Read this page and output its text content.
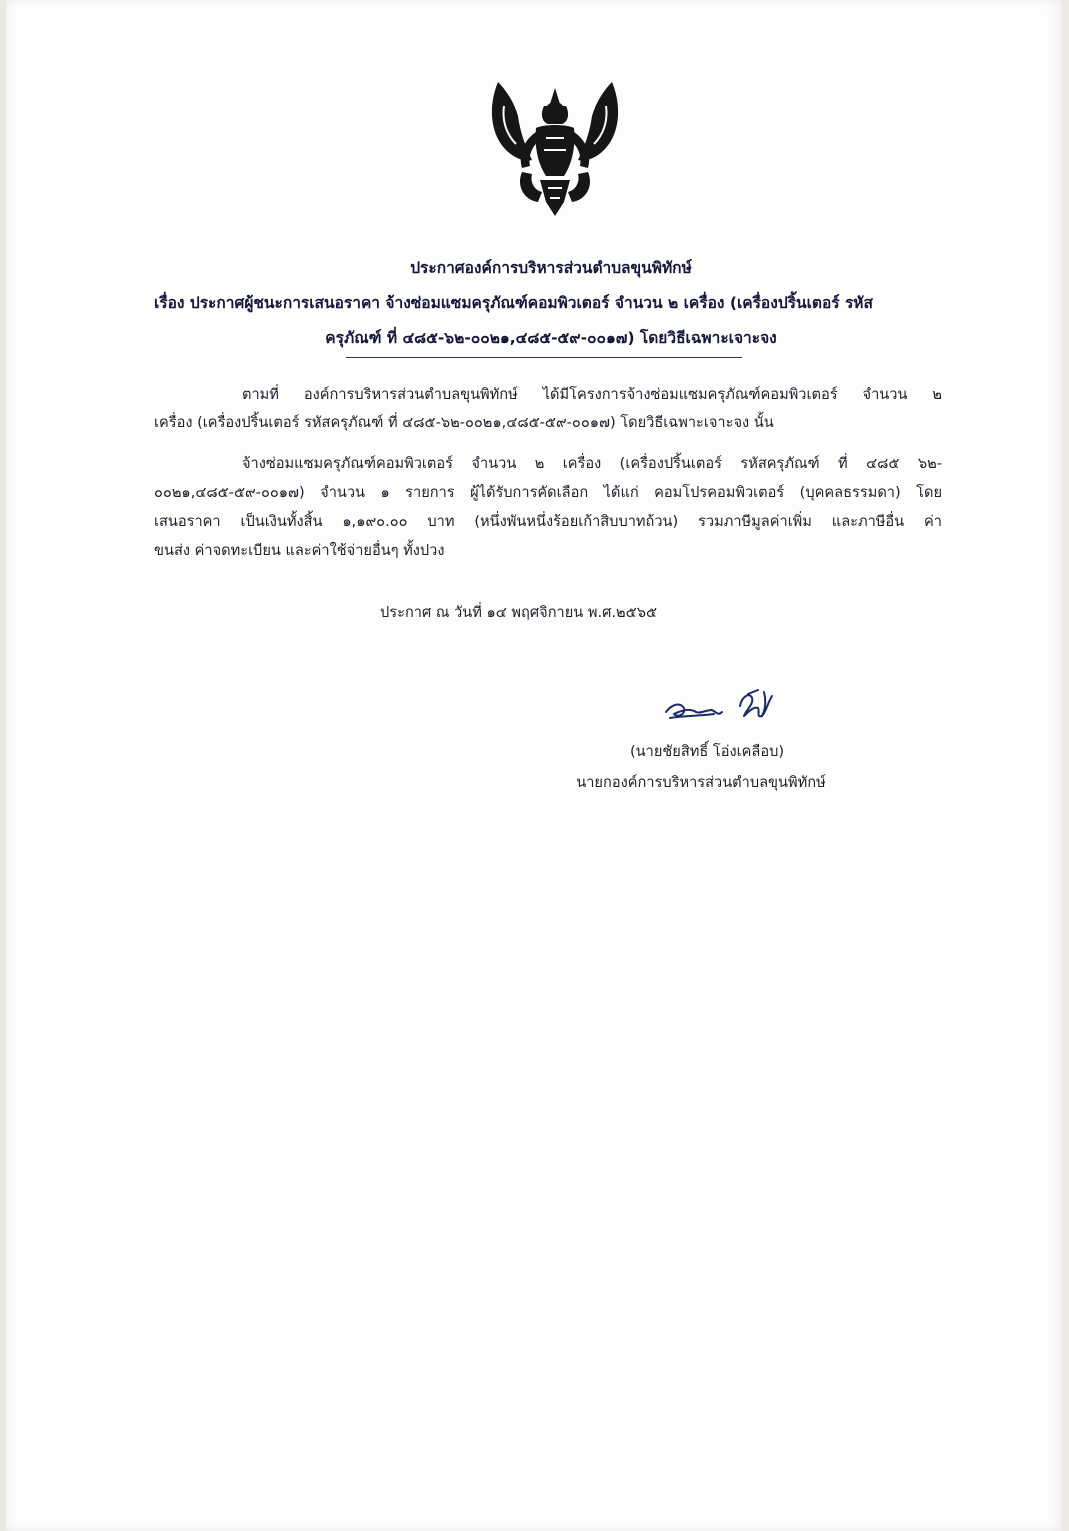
ประกาศองค์การบริหารส่วนตำบลขุนพิทักษ์
เรื่อง ประกาศผู้ชนะการเสนอราคา จ้างซ่อมแซมครุภัณฑ์คอมพิวเตอร์ จำนวน ๒ เครื่อง (เครื่องปริ้นเตอร์ รหัส
ครุภัณฑ์ ที่ ๔๘๕-๖๒-๐๐๒๑,๔๘๕-๕๙-๐๐๑๗) โดยวิธีเฉพาะเจาะจง
ตามที่ องค์การบริหารส่วนตำบลขุนพิทักษ์ ได้มีโครงการจ้างซ่อมแซมครุภัณฑ์คอมพิวเตอร์ จำนวน ๒
เครื่อง (เครื่องปริ้นเตอร์ รหัสครุภัณฑ์ ที่ ๔๘๕-๖๒-๐๐๒๑,๔๘๕-๕๙-๐๐๑๗) โดยวิธีเฉพาะเจาะจง นั้น
จ้างซ่อมแซมครุภัณฑ์คอมพิวเตอร์ จำนวน ๒ เครื่อง (เครื่องปริ้นเตอร์ รหัสครุภัณฑ์ ที่ ๔๘๕ ๖๒-
๐๐๒๑,๔๘๕-๕๙-๐๐๑๗) จำนวน ๑ รายการ ผู้ได้รับการคัดเลือก ได้แก่ คอมโปรคอมพิวเตอร์ (บุคคลธรรมดา) โดย
เสนอราคา เป็นเงินทั้งสิ้น ๑,๑๙๐.๐๐ บาท (หนึ่งพันหนึ่งร้อยเก้าสิบบาทถ้วน) รวมภาษีมูลค่าเพิ่ม และภาษีอื่น ค่า
ขนส่ง ค่าจดทะเบียน และค่าใช้จ่ายอื่นๆ ทั้งปวง
ประกาศ ณ วันที่ ๑๔ พฤศจิกายน พ.ศ.๒๕๖๕
(นายชัยสิทธิ์ โอ่งเคลือบ)
นายกองค์การบริหารส่วนตำบลขุนพิทักษ์
